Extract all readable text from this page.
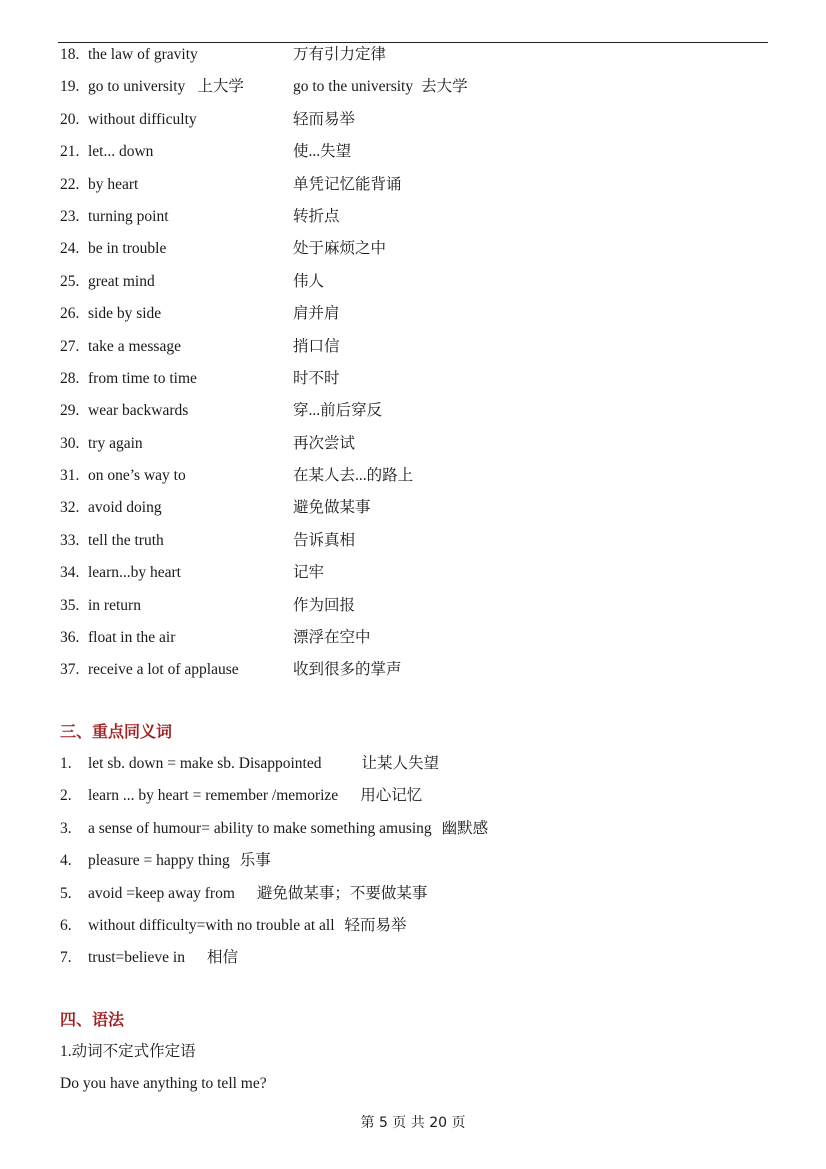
18. the law of gravity	万有引力定律
19. go to university 上大学	go to the university 去大学
20. without difficulty	轻而易举
21. let... down	使...失望
22. by heart	单凭记忆能背诵
23. turning point	转折点
24. be in trouble	处于麻烦之中
25. great mind	伟人
26. side by side	肩并肩
27. take a message	捎口信
28. from time to time	时不时
29. wear backwards	穿...前后穿反
30. try again	再次尝试
31. on one’s way to	在某人去...的路上
32. avoid doing	避免做某事
33. tell the truth	告诉真相
34. learn...by heart	记牢
35. in return	作为回报
36. float in the air	漂浮在空中
37. receive a lot of applause	收到很多的掌声
三、重点同义词
1.	let sb. down = make sb. Disappointed	让某人失望
2.	learn ... by heart = remember /memorize 用心记忆
3.	a sense of humour= ability to make something amusing 幽默感
4.	pleasure = happy thing 乐事
5.	avoid =keep away from 避免做某事；不要做某事
6.	without difficulty=with no trouble at all 轻而易举
7.	trust=believe in 相信
四、语法
1.动词不定式作定语
Do you have anything to tell me?
第 5 页 共 20 页
